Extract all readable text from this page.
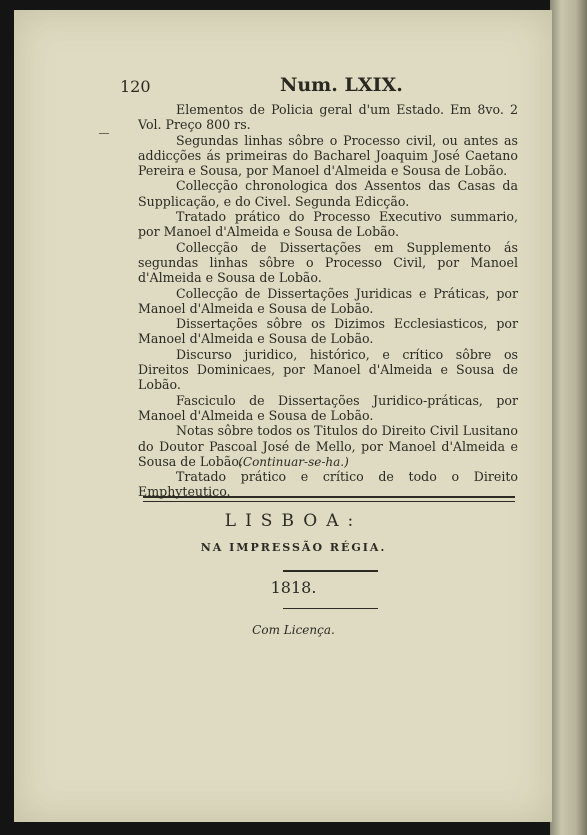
120	Num. LXIX.

Elementos de Policia geral d'um Estado. Em 8vo. 2 Vol. Preço 800 rs.

Segundas linhas sôbre o Processo civil, ou antes as addicções ás primeiras do Bacharel Joaquim José Caetano Pereira e Sousa, por Manoel d'Almeida e Sousa de Lobão.

Collecção chronologica dos Assentos das Casas da Supplicação, e do Civel. Segunda Edicção.

Tratado prático do Processo Executivo summario, por Manoel d'Almeida e Sousa de Lobão.

Collecção de Dissertações em Supplemento ás segundas linhas sôbre o Processo Civil, por Manoel d'Almeida e Sousa de Lobão.

Collecção de Dissertações Juridicas e Práticas, por Manoel d'Almeida e Sousa de Lobão.

Dissertações sôbre os Dizimos Ecclesiasticos, por Manoel d'Almeida e Sousa de Lobão.

Discurso juridico, histórico, e crítico sôbre os Direitos Dominicaes, por Manoel d'Almeida e Sousa de Lobão.

Fasciculo de Dissertações Juridico-práticas, por Manoel d'Almeida e Sousa de Lobão.

Notas sôbre todos os Titulos do Direito Civil Lusitano do Doutor Pascoal José de Mello, por Manoel d'Almeida e Sousa de Lobão.

Tratado prático e crítico de todo o Direito Emphyteutico.

(Continuar-se-ha.)
LISBOA:
NA IMPRESSÃO RÉGIA.
1818.
Com Licença.
